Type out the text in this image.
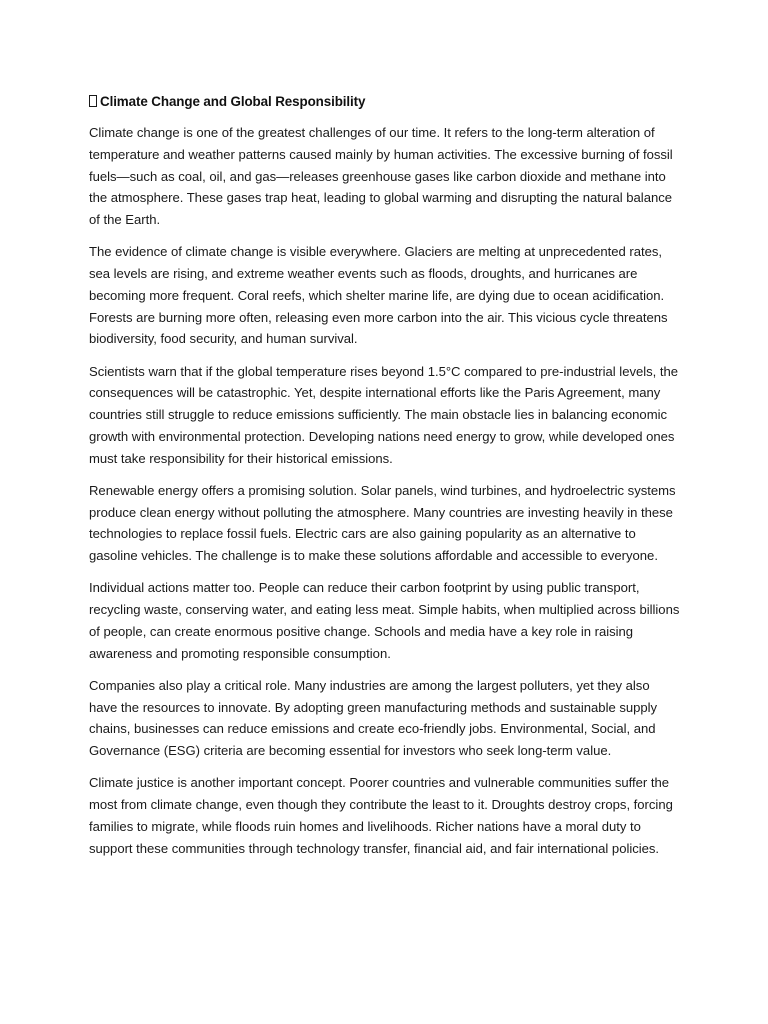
Climate Change and Global Responsibility

Climate change is one of the greatest challenges of our time. It refers to the long-term alteration of temperature and weather patterns caused mainly by human activities. The excessive burning of fossil fuels—such as coal, oil, and gas—releases greenhouse gases like carbon dioxide and methane into the atmosphere. These gases trap heat, leading to global warming and disrupting the natural balance of the Earth.

The evidence of climate change is visible everywhere. Glaciers are melting at unprecedented rates, sea levels are rising, and extreme weather events such as floods, droughts, and hurricanes are becoming more frequent. Coral reefs, which shelter marine life, are dying due to ocean acidification. Forests are burning more often, releasing even more carbon into the air. This vicious cycle threatens biodiversity, food security, and human survival.

Scientists warn that if the global temperature rises beyond 1.5°C compared to pre-industrial levels, the consequences will be catastrophic. Yet, despite international efforts like the Paris Agreement, many countries still struggle to reduce emissions sufficiently. The main obstacle lies in balancing economic growth with environmental protection. Developing nations need energy to grow, while developed ones must take responsibility for their historical emissions.

Renewable energy offers a promising solution. Solar panels, wind turbines, and hydroelectric systems produce clean energy without polluting the atmosphere. Many countries are investing heavily in these technologies to replace fossil fuels. Electric cars are also gaining popularity as an alternative to gasoline vehicles. The challenge is to make these solutions affordable and accessible to everyone.

Individual actions matter too. People can reduce their carbon footprint by using public transport, recycling waste, conserving water, and eating less meat. Simple habits, when multiplied across billions of people, can create enormous positive change. Schools and media have a key role in raising awareness and promoting responsible consumption.

Companies also play a critical role. Many industries are among the largest polluters, yet they also have the resources to innovate. By adopting green manufacturing methods and sustainable supply chains, businesses can reduce emissions and create eco-friendly jobs. Environmental, Social, and Governance (ESG) criteria are becoming essential for investors who seek long-term value.

Climate justice is another important concept. Poorer countries and vulnerable communities suffer the most from climate change, even though they contribute the least to it. Droughts destroy crops, forcing families to migrate, while floods ruin homes and livelihoods. Richer nations have a moral duty to support these communities through technology transfer, financial aid, and fair international policies.
